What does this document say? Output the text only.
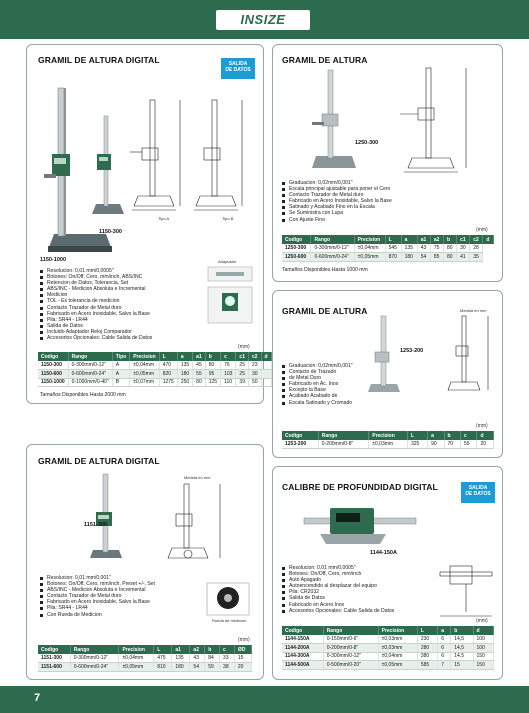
INSIZE
GRAMIL DE ALTURA DIGITAL	SALIDA
DE DATOS
Tipo A	Tipo B
1150-300
1150-1000	Adaptador
Resolucion: 0,01 mm/0,0005"
Botones: On/Off, Cero, mm/inch, ABS/INC
Retencion de Datos, Tolerancia, Set
ABS/INC - Medicion Absoluta e Incremental
Medicion
TOL - Es tolerancia de medicion
Contacto Trazador de Metal duro
Fabricado en Acero Inoxidable, Salvo la Base
Pila: SR44 - LR44
Salida de Datos
Incluido Adaptador Reloj Comparador
Accesorios Opcionales: Cable Salida de Datos
(mm)
Codigo	Rango	Tipo	Precision	L	a	a1	b	c	c1	c2	d
1150-300	0-300mm/0-12"	A	±0,04mm	470	135	45	80	76	25	23	
1150-600	0-600mm/0-24"	A	±0,05mm	820	180	55	95	103	25	30	
1150-1000	0-1000mm/0-40"	B	±0,07mm	1275	250	80	125	110	39	50	
Tamaños Disponibles Hasta 2000 mm
GRAMIL DE ALTURA
1250-300
Graduacion: 0,02mm/0,001"
Escala principal ajustable para poner el Cero
Contacto Trazador de Metal duro
Fabricado en Acero Inoxidable, Salvo la Base
Satinado y Acabado Fino en la Escala
Se Suministra con Lupa
Con Ajuste Fino
(mm)
Codigo	Rango	Precision	L	a	a1	a2	b	c1	c2	d
1250-300	0-300mm/0-12"	±0,04mm	545	135	43	75	80	30	28	
1250-600	0-600mm/0-24"	±0,05mm	870	180	54	85	80	41	35	
Tamaños Disponibles Hasta 1000 mm
GRAMIL DE ALTURA	Medida en mm
1253-200
Graduacion: 0,02mm/0,001"
Contacto de Trazado
de Metal Duro
Fabricado en Ac. Inox
Excepto la Base
Acabado Acabado de
Escala Satinado y Cromado
(mm)
Codigo	Rango	Precision	L	a	b	c	d
1253-200	0-200mm/0-8"	±0,03mm	325	90	70	55	20
GRAMIL DE ALTURA DIGITAL
Medida en mm
1151-300
Resolucion: 0,01 mm/0,001"
Botones: On/Off, Cero, mm/inch, Preset +/-, Set
ABS/INC - Medicion Absoluta e Incremental
Contacto Trazador de Metal duro
Fabricado en Acero Inoxidable, Salvo la Base
Pila: SR44 - LR44
Con Rueda de Medicion
Rueda de medicion
(mm)
Codigo	Rango	Precision	L	a1	a2	b	c	ØD
1151-300	0-300mm/0-12"	±0,04mm	475	135	43	84	33	15
1151-600	0-600mm/0-24"	±0,05mm	810	180	54	59	38	20
CALIBRE DE PROFUNDIDAD DIGITAL	SALIDA
DE DATOS
1144-150A
Resolucion: 0,01 mm/0,0005"
Botones: On/Off, Cero, mm/inch
Auto Apagado
Autoencendido al desplazar del equipo
Pila: CR2032
Salida de Datos
Fabricado en Acero Inox
Accesorios Opcionales: Cable Salida de Datos
(mm)
Codigo	Rango	Precision	L	a	b	d
1144-150A	0-150mm/0-6"	±0,03mm	230	6	14,5	100
1144-200A	0-200mm/0-8"	±0,03mm	280	6	14,5	100
1144-300A	0-300mm/0-12"	±0,04mm	380	6	14,5	150
1144-500A	0-500mm/0-20"	±0,05mm	585	7	15	150
7
